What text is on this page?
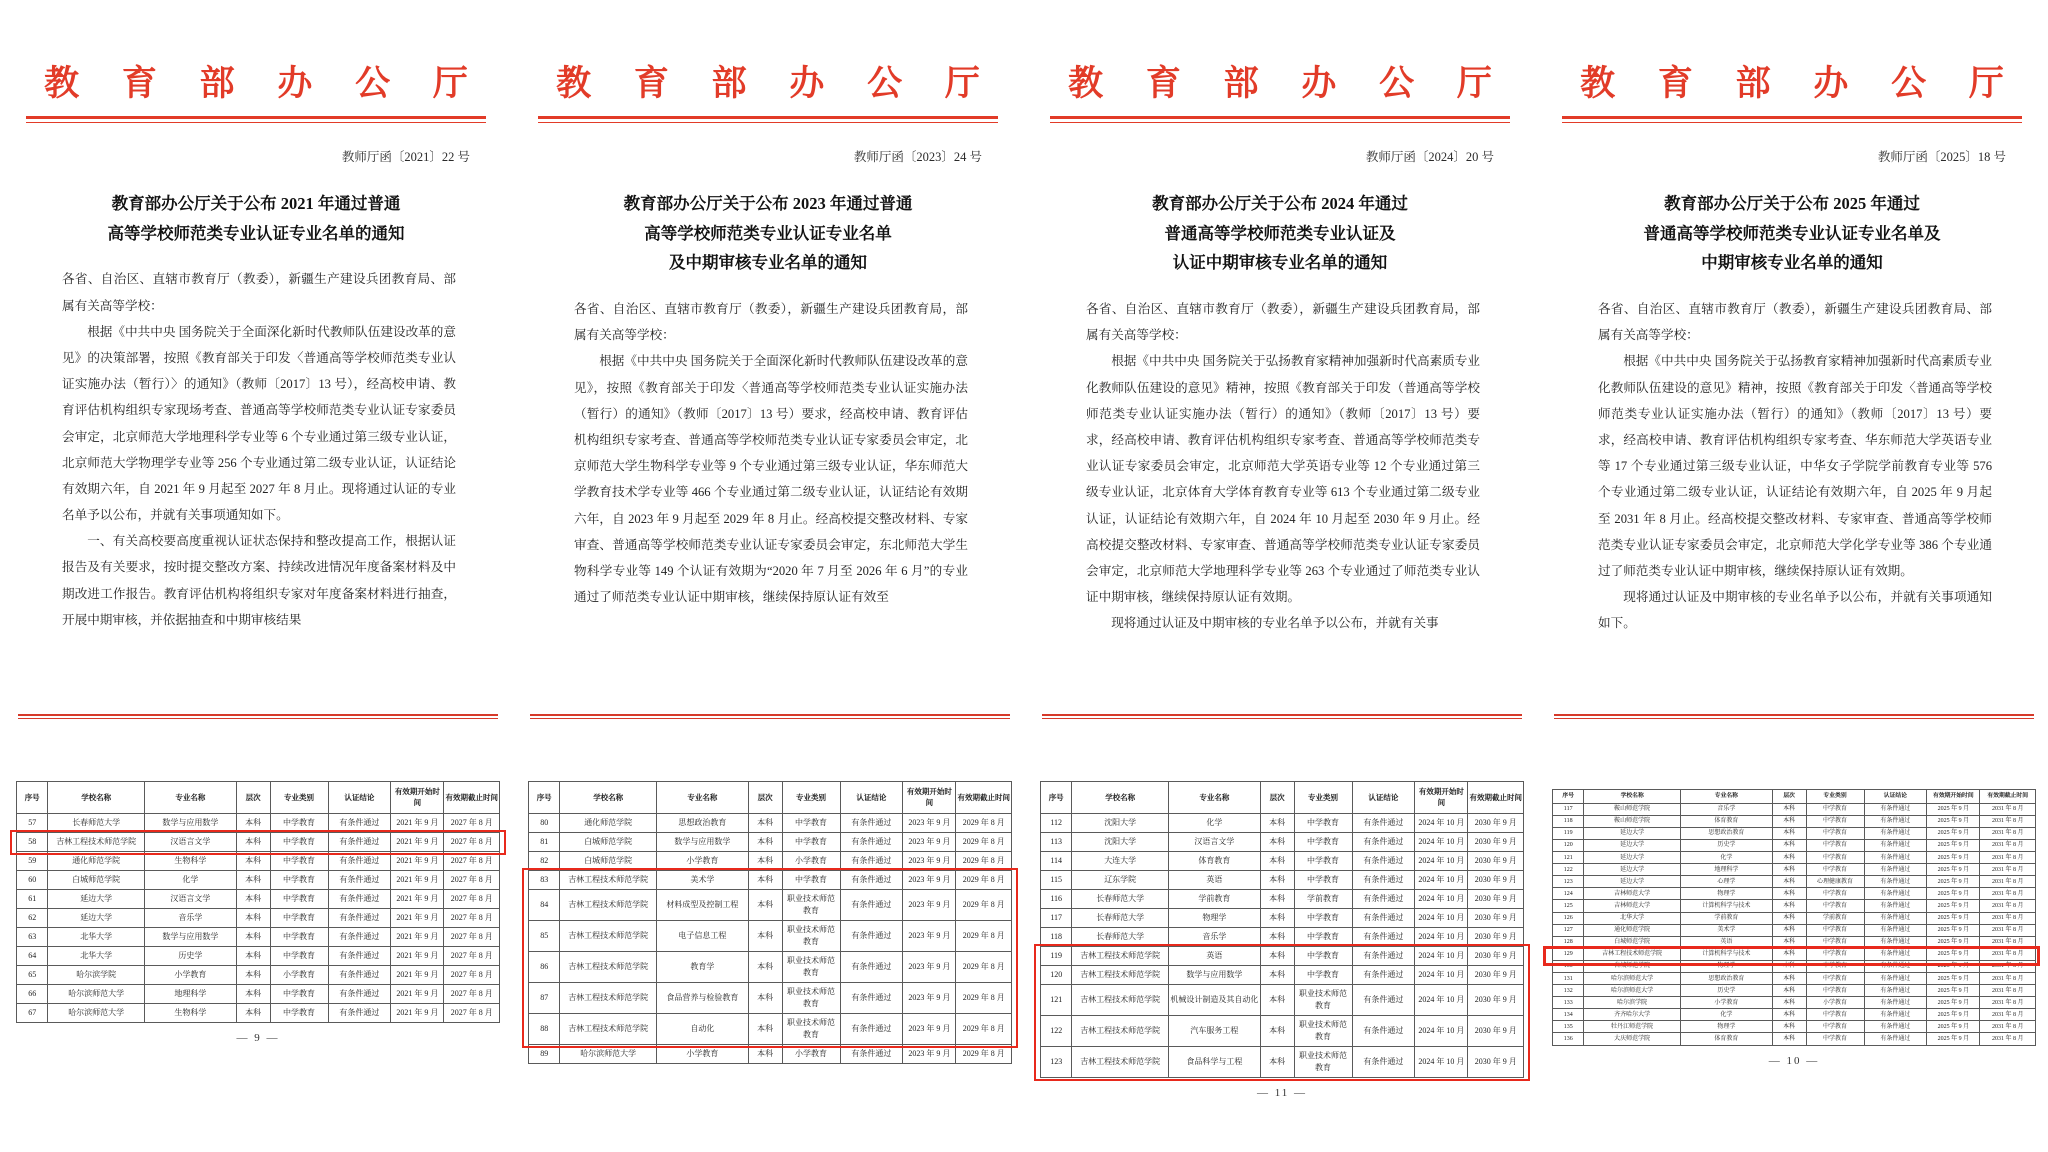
教 育 部 办 公 厅
教师厅函〔2021〕22 号
教育部办公厅关于公布 2021 年通过普通
高等学校师范类专业认证专业名单的通知

各省、自治区、直辖市教育厅（教委），新疆生产建设兵团教育局、部属有关高等学校：

根据《中共中央 国务院关于全面深化新时代教师队伍建设改革的意见》的决策部署，按照《教育部关于印发〈普通高等学校师范类专业认证实施办法（暂行）〉的通知》（教师〔2017〕13 号），经高校申请、教育评估机构组织专家现场考查、普通高等学校师范类专业认证专家委员会审定，北京师范大学地理科学专业等 6 个专业通过第三级专业认证，北京师范大学物理学专业等 256 个专业通过第二级专业认证，认证结论有效期六年，自 2021 年 9 月起至 2027 年 8 月止。现将通过认证的专业名单予以公布，并就有关事项通知如下。

一、有关高校要高度重视认证状态保持和整改提高工作，根据认证报告及有关要求，按时提交整改方案、持续改进情况年度备案材料及中期改进工作报告。教育评估机构将组织专家对年度备案材料进行抽查，开展中期审核，并依据抽查和中期审核结果

序号	学校名称	专业名称	层次	专业类别	认证结论	有效期开始时间	有效期截止时间
57	长春师范大学	数学与应用数学	本科	中学教育	有条件通过	2021 年 9 月	2027 年 8 月
58	吉林工程技术师范学院	汉语言文学	本科	中学教育	有条件通过	2021 年 9 月	2027 年 8 月
59	通化师范学院	生物科学	本科	中学教育	有条件通过	2021 年 9 月	2027 年 8 月
60	白城师范学院	化学	本科	中学教育	有条件通过	2021 年 9 月	2027 年 8 月
61	延边大学	汉语言文学	本科	中学教育	有条件通过	2021 年 9 月	2027 年 8 月
62	延边大学	音乐学	本科	中学教育	有条件通过	2021 年 9 月	2027 年 8 月
63	北华大学	数学与应用数学	本科	中学教育	有条件通过	2021 年 9 月	2027 年 8 月
64	北华大学	历史学	本科	中学教育	有条件通过	2021 年 9 月	2027 年 8 月
65	哈尔滨学院	小学教育	本科	小学教育	有条件通过	2021 年 9 月	2027 年 8 月
66	哈尔滨师范大学	地理科学	本科	中学教育	有条件通过	2021 年 9 月	2027 年 8 月
67	哈尔滨师范大学	生物科学	本科	中学教育	有条件通过	2021 年 9 月	2027 年 8 月
— 9 —
教 育 部 办 公 厅
教师厅函〔2023〕24 号
教育部办公厅关于公布 2023 年通过普通
高等学校师范类专业认证专业名单
及中期审核专业名单的通知

各省、自治区、直辖市教育厅（教委），新疆生产建设兵团教育局，部属有关高等学校：

根据《中共中央 国务院关于全面深化新时代教师队伍建设改革的意见》，按照《教育部关于印发〈普通高等学校师范类专业认证实施办法（暂行）的通知》（教师〔2017〕13 号）要求，经高校申请、教育评估机构组织专家考查、普通高等学校师范类专业认证专家委员会审定，北京师范大学生物科学专业等 9 个专业通过第三级专业认证，华东师范大学教育技术学专业等 466 个专业通过第二级专业认证，认证结论有效期六年，自 2023 年 9 月起至 2029 年 8 月止。经高校提交整改材料、专家审查、普通高等学校师范类专业认证专家委员会审定，东北师范大学生物科学专业等 149 个认证有效期为“2020 年 7 月至 2026 年 6 月”的专业通过了师范类专业认证中期审核，继续保持原认证有效至

序号	学校名称	专业名称	层次	专业类别	认证结论	有效期开始时间	有效期截止时间
80	通化师范学院	思想政治教育	本科	中学教育	有条件通过	2023 年 9 月	2029 年 8 月
81	白城师范学院	数学与应用数学	本科	中学教育	有条件通过	2023 年 9 月	2029 年 8 月
82	白城师范学院	小学教育	本科	小学教育	有条件通过	2023 年 9 月	2029 年 8 月
83	吉林工程技术师范学院	美术学	本科	中学教育	有条件通过	2023 年 9 月	2029 年 8 月
84	吉林工程技术师范学院	材料成型及控制工程	本科	职业技术师范教育	有条件通过	2023 年 9 月	2029 年 8 月
85	吉林工程技术师范学院	电子信息工程	本科	职业技术师范教育	有条件通过	2023 年 9 月	2029 年 8 月
86	吉林工程技术师范学院	教育学	本科	职业技术师范教育	有条件通过	2023 年 9 月	2029 年 8 月
87	吉林工程技术师范学院	食品营养与检验教育	本科	职业技术师范教育	有条件通过	2023 年 9 月	2029 年 8 月
88	吉林工程技术师范学院	自动化	本科	职业技术师范教育	有条件通过	2023 年 9 月	2029 年 8 月
89	哈尔滨师范大学	小学教育	本科	小学教育	有条件通过	2023 年 9 月	2029 年 8 月
教 育 部 办 公 厅
教师厅函〔2024〕20 号
教育部办公厅关于公布 2024 年通过
普通高等学校师范类专业认证及
认证中期审核专业名单的通知

各省、自治区、直辖市教育厅（教委），新疆生产建设兵团教育局，部属有关高等学校：

根据《中共中央 国务院关于弘扬教育家精神加强新时代高素质专业化教师队伍建设的意见》精神，按照《教育部关于印发（普通高等学校师范类专业认证实施办法（暂行）的通知》（教师〔2017〕13 号）要求，经高校申请、教育评估机构组织专家考查、普通高等学校师范类专业认证专家委员会审定，北京师范大学英语专业等 12 个专业通过第三级专业认证，北京体育大学体育教育专业等 613 个专业通过第二级专业认证，认证结论有效期六年，自 2024 年 10 月起至 2030 年 9 月止。经高校提交整改材料、专家审查、普通高等学校师范类专业认证专家委员会审定，北京师范大学地理科学专业等 263 个专业通过了师范类专业认证中期审核，继续保持原认证有效期。

现将通过认证及中期审核的专业名单予以公布，并就有关事

序号	学校名称	专业名称	层次	专业类别	认证结论	有效期开始时间	有效期截止时间
112	沈阳大学	化学	本科	中学教育	有条件通过	2024 年 10 月	2030 年 9 月
113	沈阳大学	汉语言文学	本科	中学教育	有条件通过	2024 年 10 月	2030 年 9 月
114	大连大学	体育教育	本科	中学教育	有条件通过	2024 年 10 月	2030 年 9 月
115	辽东学院	英语	本科	中学教育	有条件通过	2024 年 10 月	2030 年 9 月
116	长春师范大学	学前教育	本科	学前教育	有条件通过	2024 年 10 月	2030 年 9 月
117	长春师范大学	物理学	本科	中学教育	有条件通过	2024 年 10 月	2030 年 9 月
118	长春师范大学	音乐学	本科	中学教育	有条件通过	2024 年 10 月	2030 年 9 月
119	吉林工程技术师范学院	英语	本科	中学教育	有条件通过	2024 年 10 月	2030 年 9 月
120	吉林工程技术师范学院	数学与应用数学	本科	中学教育	有条件通过	2024 年 10 月	2030 年 9 月
121	吉林工程技术师范学院	机械设计制造及其自动化	本科	职业技术师范教育	有条件通过	2024 年 10 月	2030 年 9 月
122	吉林工程技术师范学院	汽车服务工程	本科	职业技术师范教育	有条件通过	2024 年 10 月	2030 年 9 月
123	吉林工程技术师范学院	食品科学与工程	本科	职业技术师范教育	有条件通过	2024 年 10 月	2030 年 9 月
— 11 —
教 育 部 办 公 厅
教师厅函〔2025〕18 号
教育部办公厅关于公布 2025 年通过
普通高等学校师范类专业认证专业名单及
中期审核专业名单的通知

各省、自治区、直辖市教育厅（教委），新疆生产建设兵团教育局、部属有关高等学校：

根据《中共中央 国务院关于弘扬教育家精神加强新时代高素质专业化教师队伍建设的意见》精神，按照《教育部关于印发〈普通高等学校师范类专业认证实施办法（暂行）的通知》（教师〔2017〕13 号）要求，经高校申请、教育评估机构组织专家考查、华东师范大学英语专业等 17 个专业通过第三级专业认证，中华女子学院学前教育专业等 576 个专业通过第二级专业认证，认证结论有效期六年，自 2025 年 9 月起至 2031 年 8 月止。经高校提交整改材料、专家审查、普通高等学校师范类专业认证专家委员会审定，北京师范大学化学专业等 386 个专业通过了师范类专业认证中期审核，继续保持原认证有效期。

现将通过认证及中期审核的专业名单予以公布，并就有关事项通知如下。

序号	学校名称	专业名称	层次	专业类别	认证结论	有效期开始时间	有效期截止时间
117	鞍山师范学院	音乐学	本科	中学教育	有条件通过	2025 年 9 月	2031 年 8 月
118	鞍山师范学院	体育教育	本科	中学教育	有条件通过	2025 年 9 月	2031 年 8 月
119	延边大学	思想政治教育	本科	中学教育	有条件通过	2025 年 9 月	2031 年 8 月
120	延边大学	历史学	本科	中学教育	有条件通过	2025 年 9 月	2031 年 8 月
121	延边大学	化学	本科	中学教育	有条件通过	2025 年 9 月	2031 年 8 月
122	延边大学	地理科学	本科	中学教育	有条件通过	2025 年 9 月	2031 年 8 月
123	延边大学	心理学	本科	心理健康教育	有条件通过	2025 年 9 月	2031 年 8 月
124	吉林师范大学	物理学	本科	中学教育	有条件通过	2025 年 9 月	2031 年 8 月
125	吉林师范大学	计算机科学与技术	本科	中学教育	有条件通过	2025 年 9 月	2031 年 8 月
126	北华大学	学前教育	本科	学前教育	有条件通过	2025 年 9 月	2031 年 8 月
127	通化师范学院	美术学	本科	中学教育	有条件通过	2025 年 9 月	2031 年 8 月
128	白城师范学院	英语	本科	中学教育	有条件通过	2025 年 9 月	2031 年 8 月
129	吉林工程技术师范学院	计算机科学与技术	本科	中学教育	有条件通过	2025 年 9 月	2031 年 8 月
130	白城师范学院	物理学	本科	中学教育	有条件通过	2025 年 9 月	2031 年 8 月
131	哈尔滨师范大学	思想政治教育	本科	中学教育	有条件通过	2025 年 9 月	2031 年 8 月
132	哈尔滨师范大学	历史学	本科	中学教育	有条件通过	2025 年 9 月	2031 年 8 月
133	哈尔滨学院	小学教育	本科	小学教育	有条件通过	2025 年 9 月	2031 年 8 月
134	齐齐哈尔大学	化学	本科	中学教育	有条件通过	2025 年 9 月	2031 年 8 月
135	牡丹江师范学院	物理学	本科	中学教育	有条件通过	2025 年 9 月	2031 年 8 月
136	大庆师范学院	体育教育	本科	中学教育	有条件通过	2025 年 9 月	2031 年 8 月
— 10 —
